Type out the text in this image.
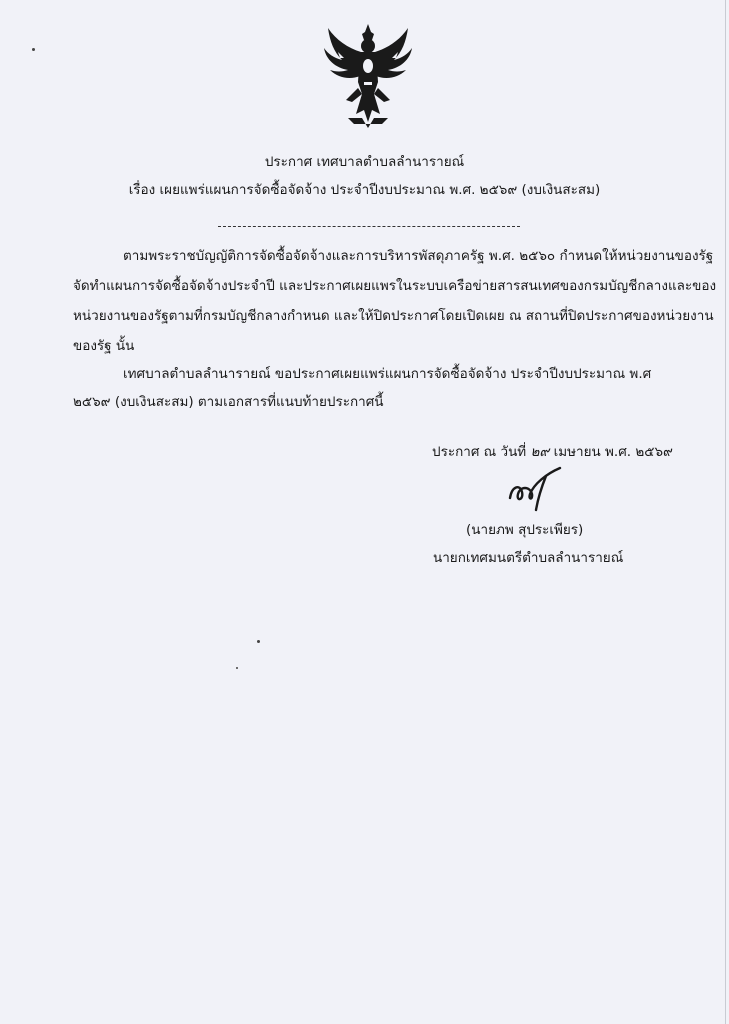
ประกาศ เทศบาลตำบลลำนารายณ์
เรื่อง เผยแพร่แผนการจัดซื้อจัดจ้าง ประจำปีงบประมาณ พ.ศ. ๒๕๖๙ (งบเงินสะสม)
ตามพระราชบัญญัติการจัดซื้อจัดจ้างและการบริหารพัสดุภาครัฐ พ.ศ. ๒๕๖๐ กำหนดให้หน่วยงานของรัฐ
จัดทำแผนการจัดซื้อจัดจ้างประจำปี และประกาศเผยแพรในระบบเครือข่ายสารสนเทศของกรมบัญชีกลางและของ
หน่วยงานของรัฐตามที่กรมบัญชีกลางกำหนด และให้ปิดประกาศโดยเปิดเผย ณ สถานที่ปิดประกาศของหน่วยงาน
ของรัฐ นั้น
เทศบาลตำบลลำนารายณ์ ขอประกาศเผยแพร่แผนการจัดซื้อจัดจ้าง ประจำปีงบประมาณ พ.ศ
๒๕๖๙ (งบเงินสะสม) ตามเอกสารที่แนบท้ายประกาศนี้
ประกาศ ณ วันที่ ๒๙ เมษายน พ.ศ. ๒๕๖๙
(นายภพ สุประเพียร)
นายกเทศมนตรีตำบลลำนารายณ์
